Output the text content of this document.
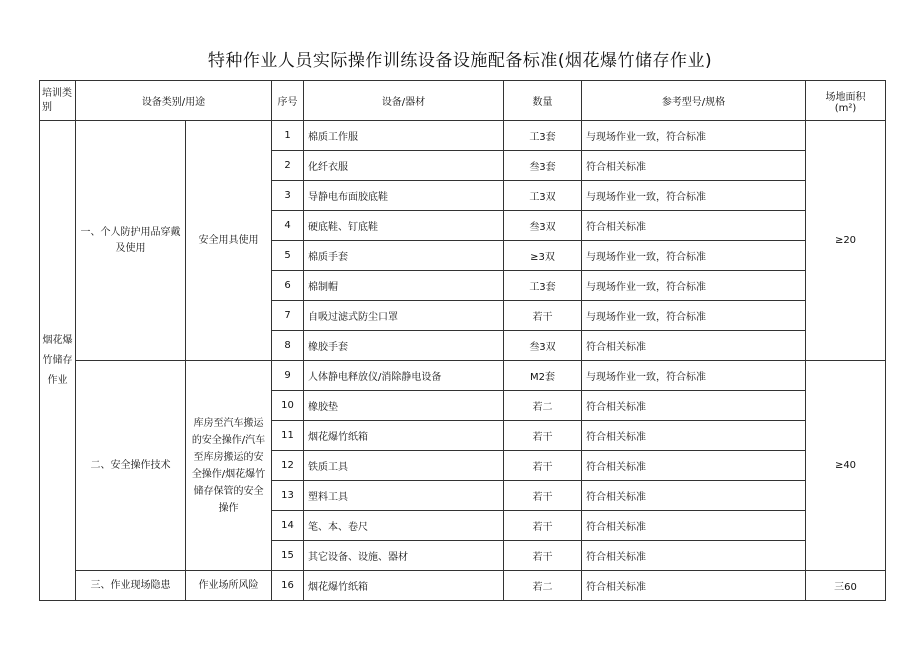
特种作业人员实际操作训练设备设施配备标准(烟花爆竹储存作业)
培训类别	设备类别/用途		序号	设备/器材	数量	参考型号/规格	场地面积
(m²)

烟花爆竹储存作业	一、个人防护用品穿戴及使用	安全用具使用	1	棉质工作服	工3套	与现场作业一致，符合标准	≥20
			2	化纤衣服	叁3套	符合相关标准	
			3	导静电布面胶底鞋	工3双	与现场作业一致，符合标准	
			4	硬底鞋、钉底鞋	叁3双	符合相关标准	
			5	棉质手套	≥3双	与现场作业一致，符合标准	
			6	棉制帽	工3套	与现场作业一致，符合标准	
			7	自吸过滤式防尘口罩	若干	与现场作业一致，符合标准	
			8	橡胶手套	叁3双	符合相关标准	
	二、安全操作技术	库房至汽车搬运的安全操作/汽车至库房搬运的安全操作/烟花爆竹储存保管的安全操作	9	人体静电释放仪/消除静电设备	M2套	与现场作业一致，符合标准	≥40
			10	橡胶垫	若二	符合相关标准	
			11	烟花爆竹纸箱	若干	符合相关标准	
			12	铁质工具	若干	符合相关标准	
			13	塑料工具	若干	符合相关标准	
			14	笔、本、卷尺	若干	符合相关标准	
			15	其它设备、设施、器材	若干	符合相关标准	
	三、作业现场隐患	作业场所风险	16	烟花爆竹纸箱	若二	符合相关标准	三60
